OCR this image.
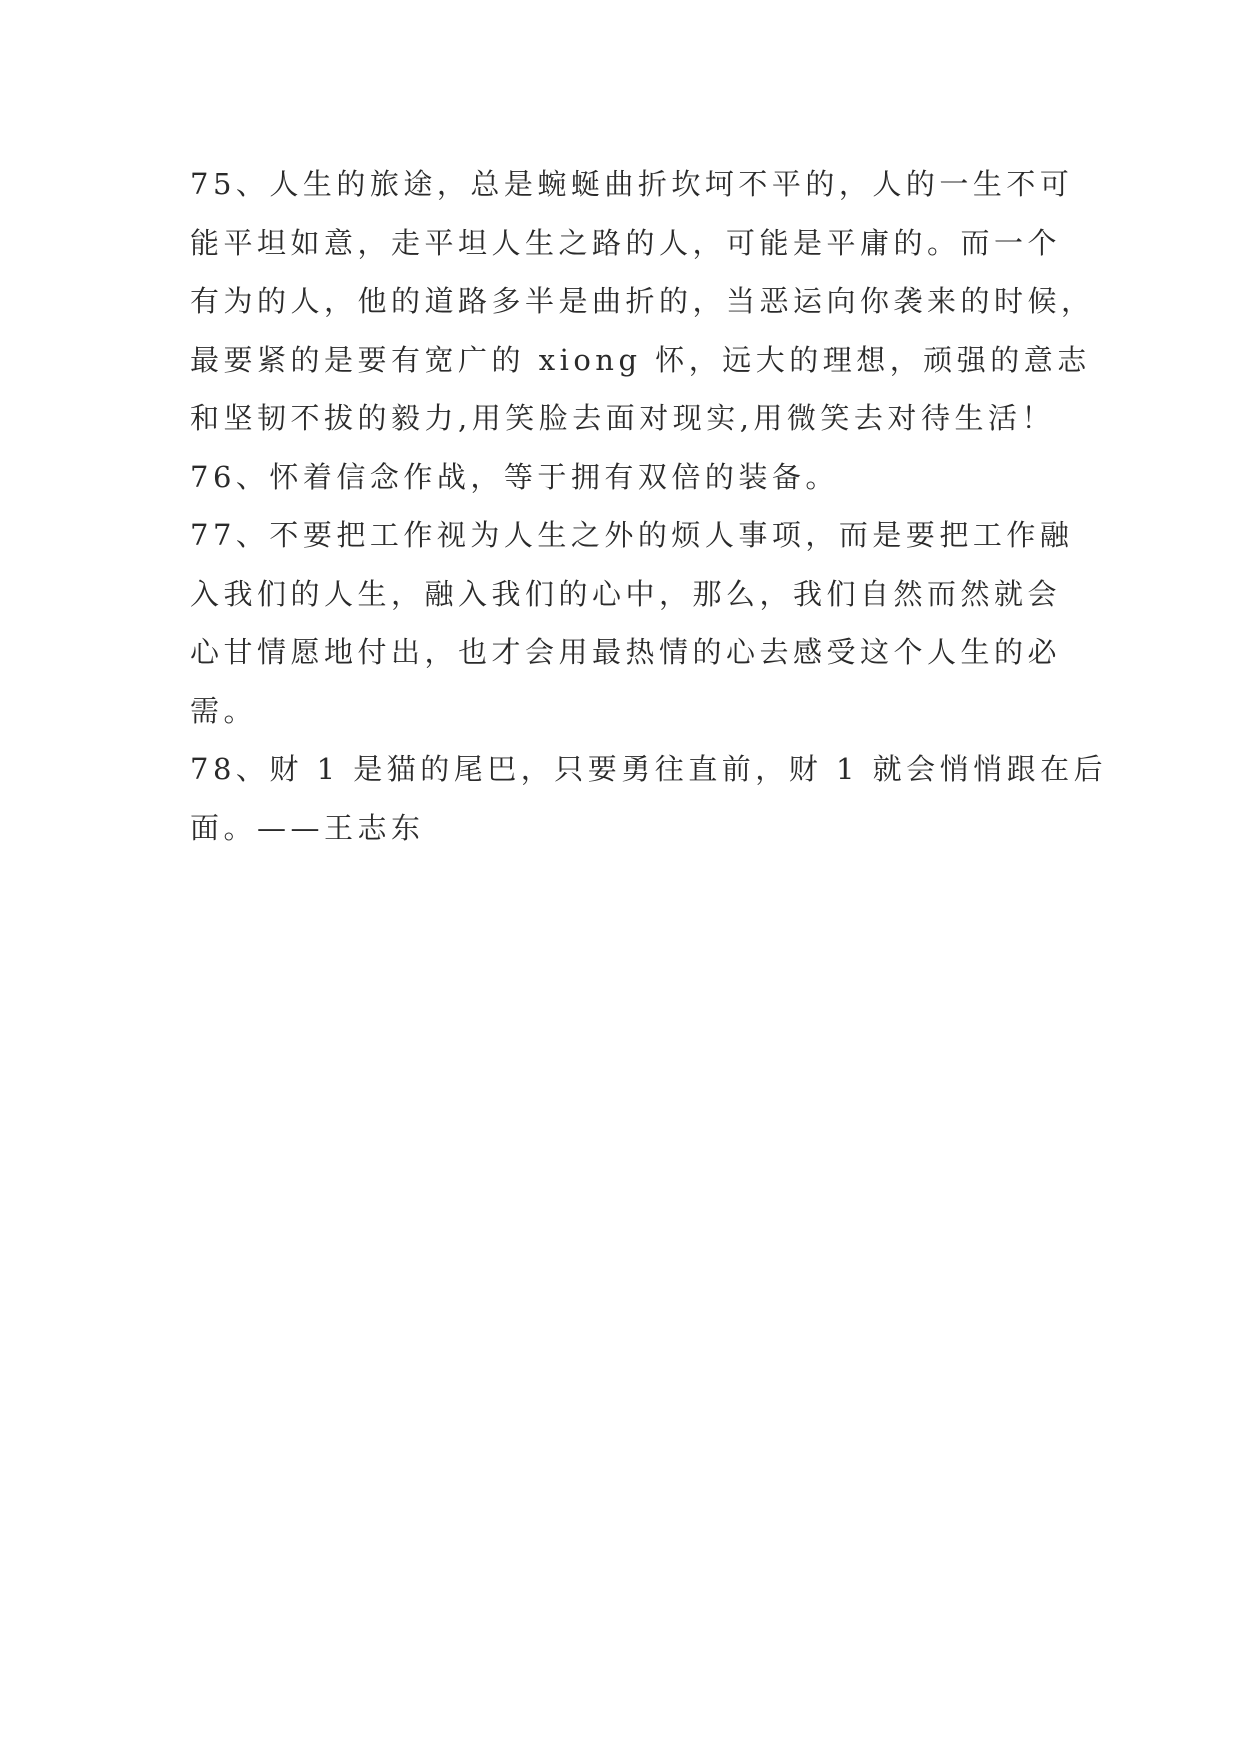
75、人生的旅途，总是蜿蜒曲折坎坷不平的，人的一生不可
能平坦如意，走平坦人生之路的人，可能是平庸的。而一个
有为的人，他的道路多半是曲折的，当恶运向你袭来的时候，
最要紧的是要有宽广的 xiong 怀，远大的理想，顽强的意志
和坚韧不拔的毅力,用笑脸去面对现实,用微笑去对待生活！
76、怀着信念作战，等于拥有双倍的装备。
77、不要把工作视为人生之外的烦人事项，而是要把工作融
入我们的人生，融入我们的心中，那么，我们自然而然就会
心甘情愿地付出，也才会用最热情的心去感受这个人生的必
需。
78、财 1 是猫的尾巴，只要勇往直前，财 1 就会悄悄跟在后
面。——王志东
